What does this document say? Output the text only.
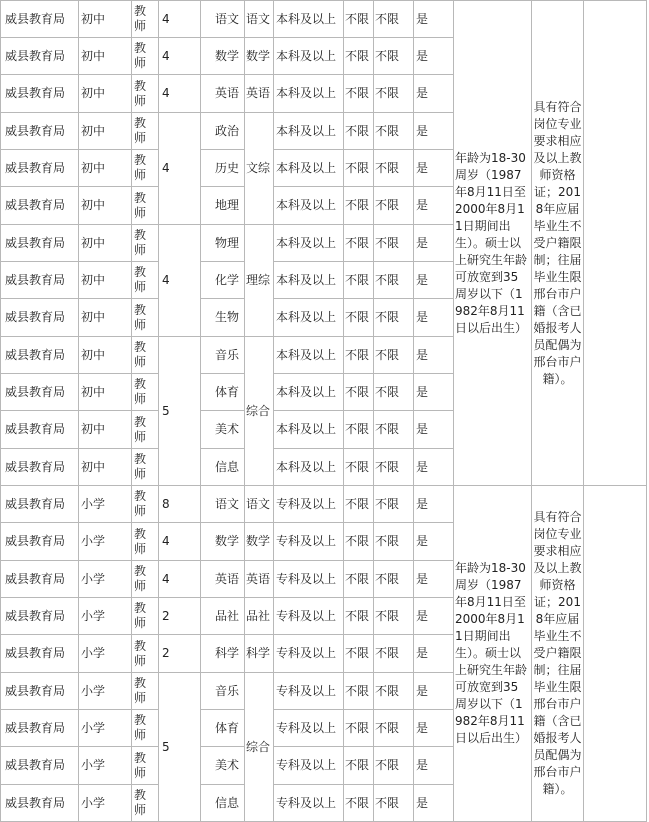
威县教育局	初中	教师	4	语文	语文	本科及以上	不限	不限	是	年龄为18-30周岁（1987年8月11日至2000年8月11日期间出生）。硕士以上研究生年龄可放宽到35周岁以下（1982年8月11日以后出生）	具有符合岗位专业要求相应及以上教师资格证；2018年应届毕业生不受户籍限制；往届毕业生限邢台市户籍（含已婚报考人员配偶为邢台市户籍）。	
威县教育局	初中	教师	4	数学	数学	本科及以上	不限	不限	是			
威县教育局	初中	教师	4	英语	英语	本科及以上	不限	不限	是			
威县教育局	初中	教师	4	政治	文综	本科及以上	不限	不限	是			
威县教育局	初中	教师		历史		本科及以上	不限	不限	是			
威县教育局	初中	教师		地理		本科及以上	不限	不限	是			
威县教育局	初中	教师	4	物理	理综	本科及以上	不限	不限	是			
威县教育局	初中	教师		化学		本科及以上	不限	不限	是			
威县教育局	初中	教师		生物		本科及以上	不限	不限	是			
威县教育局	初中	教师	5	音乐	综合	本科及以上	不限	不限	是			
威县教育局	初中	教师		体育		本科及以上	不限	不限	是			
威县教育局	初中	教师		美术		本科及以上	不限	不限	是			
威县教育局	初中	教师		信息		本科及以上	不限	不限	是			
威县教育局	小学	教师	8	语文	语文	专科及以上	不限	不限	是	年龄为18-30周岁（1987年8月11日至2000年8月11日期间出生）。硕士以上研究生年龄可放宽到35周岁以下（1982年8月11日以后出生）	具有符合岗位专业要求相应及以上教师资格证；2018年应届毕业生不受户籍限制；往届毕业生限邢台市户籍（含已婚报考人员配偶为邢台市户籍）。	
威县教育局	小学	教师	4	数学	数学	专科及以上	不限	不限	是			
威县教育局	小学	教师	4	英语	英语	专科及以上	不限	不限	是			
威县教育局	小学	教师	2	品社	品社	专科及以上	不限	不限	是			
威县教育局	小学	教师	2	科学	科学	专科及以上	不限	不限	是			
威县教育局	小学	教师	5	音乐	综合	专科及以上	不限	不限	是			
威县教育局	小学	教师		体育		专科及以上	不限	不限	是			
威县教育局	小学	教师		美术		专科及以上	不限	不限	是			
威县教育局	小学	教师		信息		专科及以上	不限	不限	是			
